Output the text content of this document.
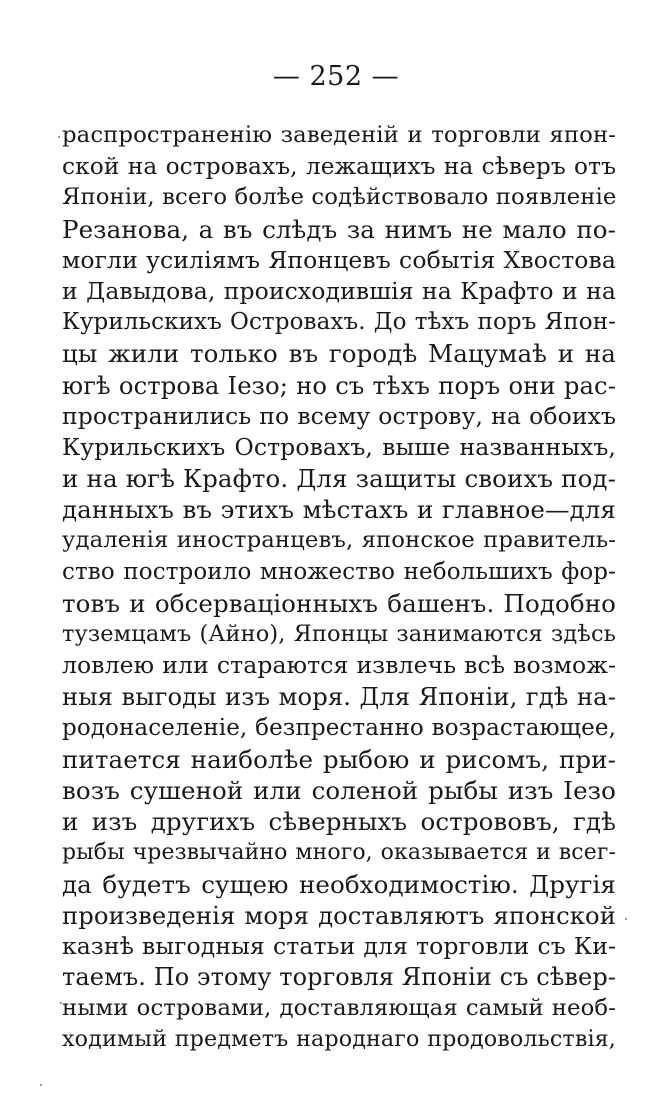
— 252 —
распространенію заведеній и торговли япон-
ской на островахъ, лежащихъ на сѣверъ отъ
Японіи, всего болѣе содѣйствовало появленіе
Резанова, а въ слѣдъ за нимъ не мало по-
могли усиліямъ Японцевъ событія Хвостова
и Давыдова, происходившія на Крафто и на
Курильскихъ Островахъ. До тѣхъ поръ Япон-
цы жили только въ городѣ Мацумаѣ и на
югѣ острова Іезо; но съ тѣхъ поръ они рас-
пространились по всему острову, на обоихъ
Курильскихъ Островахъ, выше названныхъ,
и на югѣ Крафто. Для защиты своихъ под-
данныхъ въ этихъ мѣстахъ и главное—для
удаленія иностранцевъ, японское правитель-
ство построило множество небольшихъ фор-
товъ и обсерваціонныхъ башенъ. Подобно
туземцамъ (Айно), Японцы занимаются здѣсь
ловлею или стараются извлечь всѣ возмож-
ныя выгоды изъ моря. Для Японіи, гдѣ на-
родонаселеніе, безпрестанно возрастающее,
питается наиболѣе рыбою и рисомъ, при-
возъ сушеной или соленой рыбы изъ Іезо
и изъ другихъ сѣверныхъ острововъ, гдѣ
рыбы чрезвычайно много, оказывается и всег-
да будетъ сущею необходимостію. Другія
произведенія моря доставляютъ японской
казнѣ выгодныя статьи для торговли съ Ки-
таемъ. По этому торговля Японіи съ сѣвер-
ными островами, доставляющая самый необ-
ходимый предметъ народнаго продовольствія,
